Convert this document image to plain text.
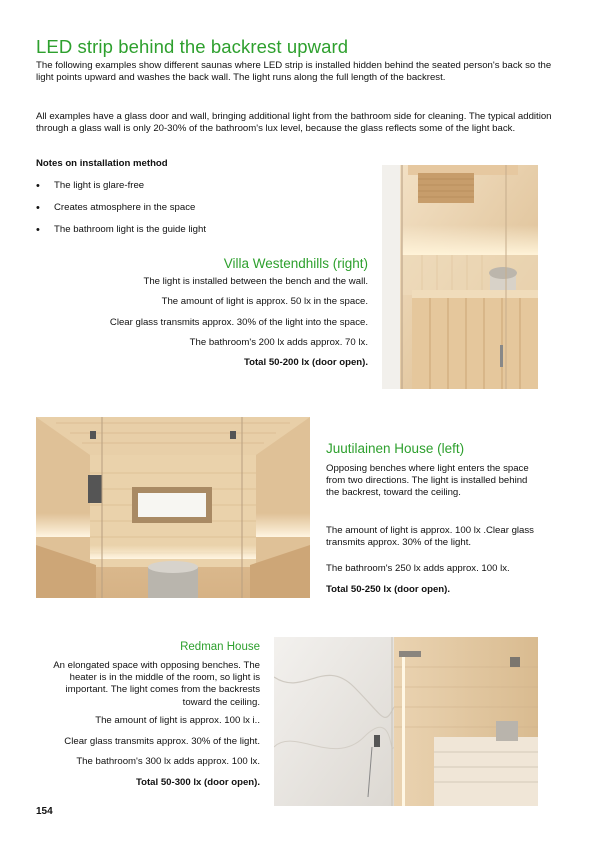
LED strip behind the backrest upward

The following examples show different saunas where LED strip is installed hidden behind the seated person's back so the light points upward and washes the back wall. The light runs along the full length of the backrest.

All examples have a glass door and wall, bringing additional light from the bathroom side for cleaning. The typical addition through a glass wall is only 20-30% of the bathroom's lux level, because the glass reflects some of the light back.

Notes on installation method

• The light is glare-free
• Creates atmosphere in the space
• The bathroom light is the guide light
Villa Westendhills (right)

The light is installed between the bench and the wall.

The amount of light is approx. 50 lx in the space.

Clear glass transmits approx. 30% of the light into the space.

The bathroom's 200 lx adds approx. 70 lx.

Total 50-200 lx (door open).

Juutilainen House (left)

Opposing benches where light enters the space from two directions. The light is installed behind the backrest, toward the ceiling.

The amount of light is approx. 100 lx .Clear glass transmits approx. 30% of the light.

The bathroom's 250 lx adds approx. 100 lx.

Total 50-250 lx (door open).

Redman House

An elongated space with opposing benches. The heater is in the middle of the room, so light is important. The light comes from the backrests toward the ceiling.

The amount of light is approx. 100 lx i..

Clear glass transmits approx. 30% of the light.

The bathroom's 300 lx adds approx. 100 lx.

Total 50-300 lx (door open).

154
